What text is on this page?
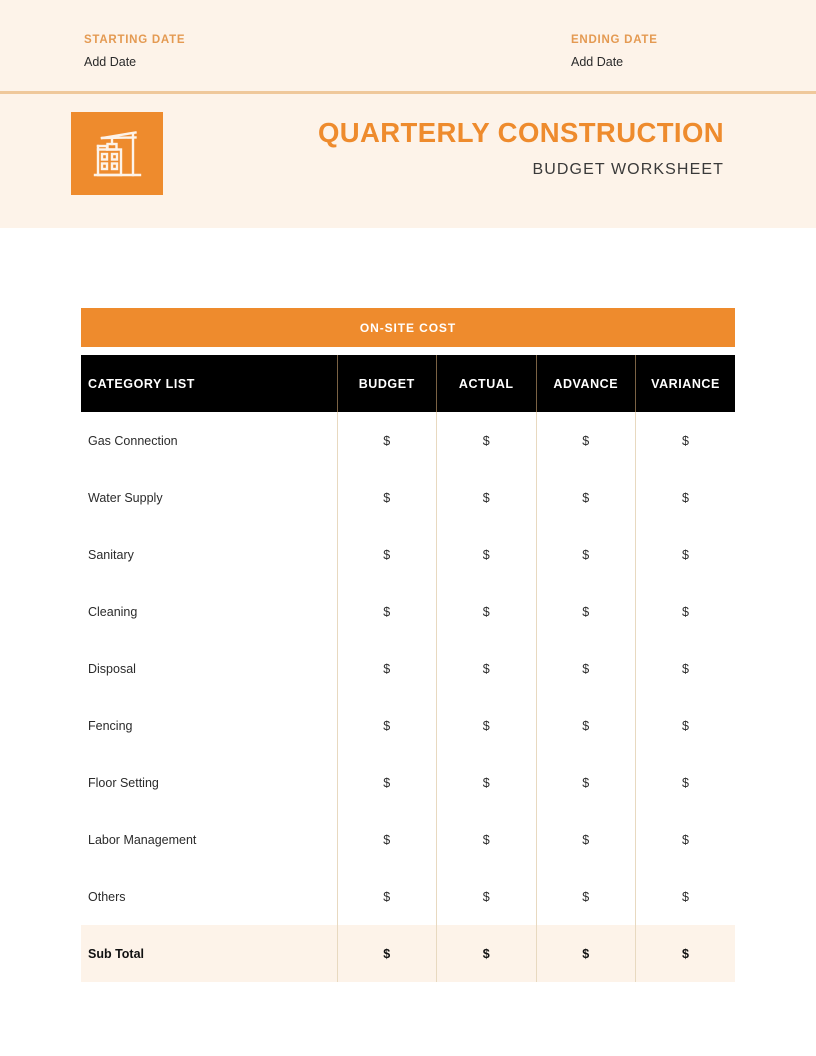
STARTING DATE
Add Date
ENDING DATE
Add Date
QUARTERLY CONSTRUCTION
BUDGET WORKSHEET
ON-SITE COST
CATEGORY LIST	BUDGET	ACTUAL	ADVANCE	VARIANCE
Gas Connection	$	$	$	$
Water Supply	$	$	$	$
Sanitary	$	$	$	$
Cleaning	$	$	$	$
Disposal	$	$	$	$
Fencing	$	$	$	$
Floor Setting	$	$	$	$
Labor Management	$	$	$	$
Others	$	$	$	$
Sub Total	$	$	$	$
